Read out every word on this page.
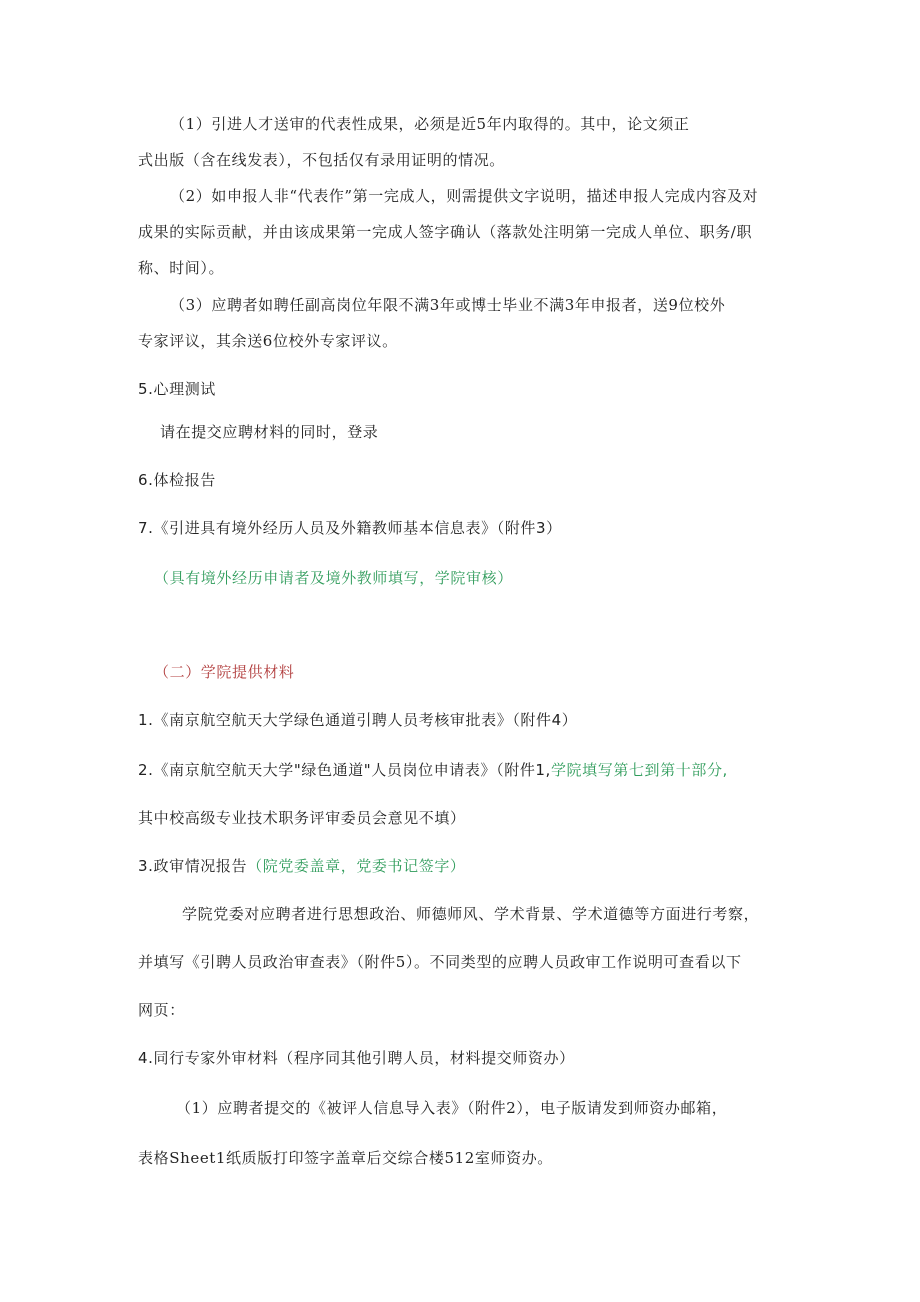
（1）引进人才送审的代表性成果，必须是近5年内取得的。其中，论文须正
式出版（含在线发表），不包括仅有录用证明的情况。
（2）如申报人非“代表作”第一完成人，则需提供文字说明，描述申报人完成内容及对
成果的实际贡献，并由该成果第一完成人签字确认（落款处注明第一完成人单位、职务/职
称、时间）。
（3）应聘者如聘任副高岗位年限不满3年或博士毕业不满3年申报者，送9位校外
专家评议，其余送6位校外专家评议。
5.心理测试
请在提交应聘材料的同时，登录
6.体检报告
7.《引进具有境外经历人员及外籍教师基本信息表》（附件3）
（具有境外经历申请者及境外教师填写，学院审核）
（二）学院提供材料
1.《南京航空航天大学绿色通道引聘人员考核审批表》（附件4）
2.《南京航空航天大学"绿色通道"人员岗位申请表》（附件1,学院填写第七到第十部分,
其中校高级专业技术职务评审委员会意见不填）
3.政审情况报告（院党委盖章，党委书记签字）
学院党委对应聘者进行思想政治、师德师风、学术背景、学术道德等方面进行考察，
并填写《引聘人员政治审查表》（附件5）。不同类型的应聘人员政审工作说明可查看以下
网页：
4.同行专家外审材料（程序同其他引聘人员，材料提交师资办）
（1）应聘者提交的《被评人信息导入表》（附件2），电子版请发到师资办邮箱，
表格Sheet1纸质版打印签字盖章后交综合楼512室师资办。
